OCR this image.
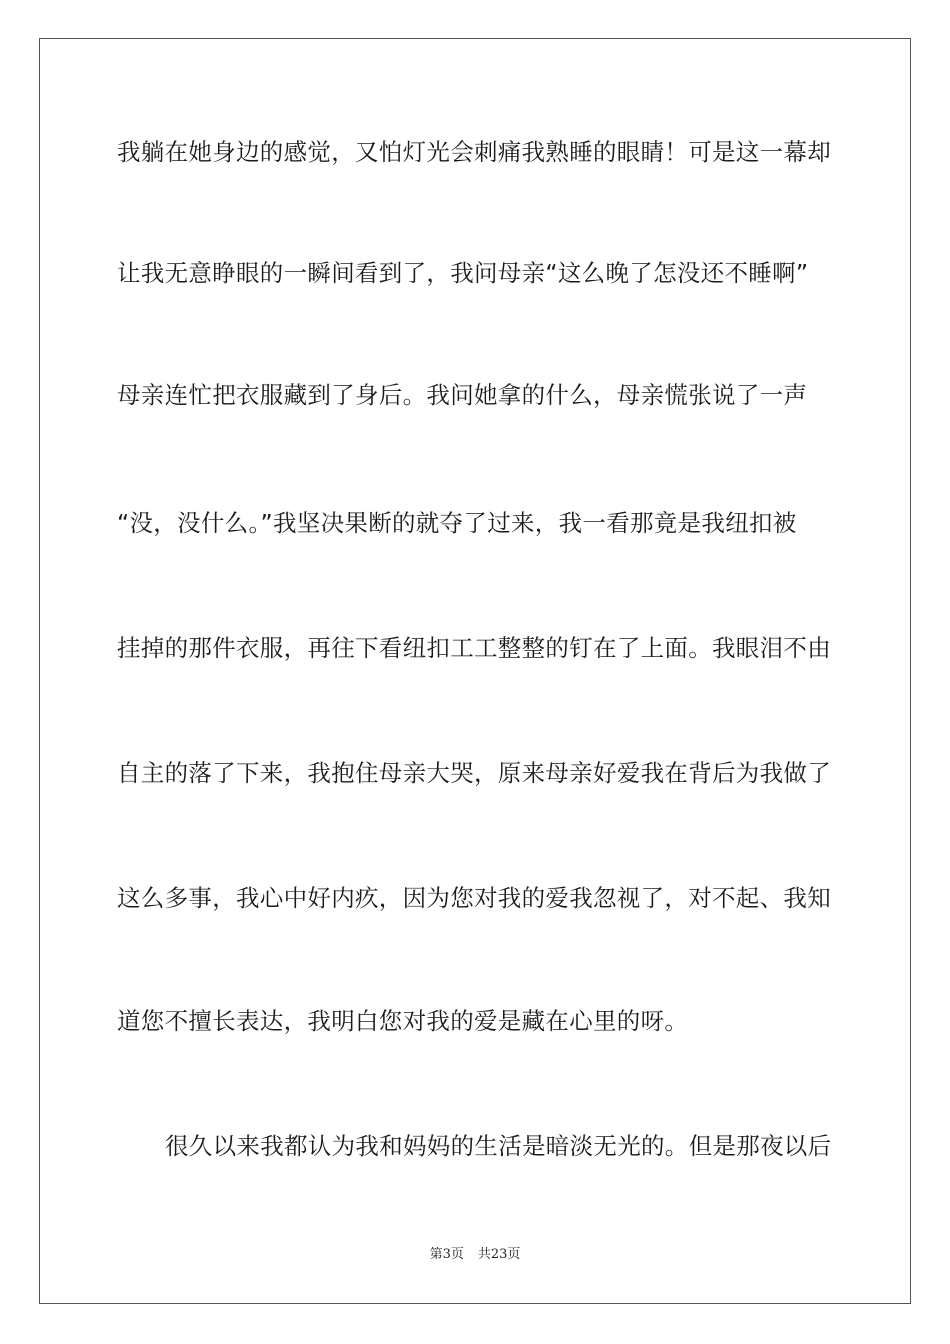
我躺在她身边的感觉，又怕灯光会刺痛我熟睡的眼睛！可是这一幕却
让我无意睁眼的一瞬间看到了，我问母亲“这么晚了怎没还不睡啊”
母亲连忙把衣服藏到了身后。我问她拿的什么，母亲慌张说了一声
“没，没什么。”我坚决果断的就夺了过来，我一看那竟是我纽扣被
挂掉的那件衣服，再往下看纽扣工工整整的钉在了上面。我眼泪不由
自主的落了下来，我抱住母亲大哭，原来母亲好爱我在背后为我做了
这么多事，我心中好内疚，因为您对我的爱我忽视了，对不起、我知
道您不擅长表达，我明白您对我的爱是藏在心里的呀。
很久以来我都认为我和妈妈的生活是暗淡无光的。但是那夜以后
第3页 共23页
